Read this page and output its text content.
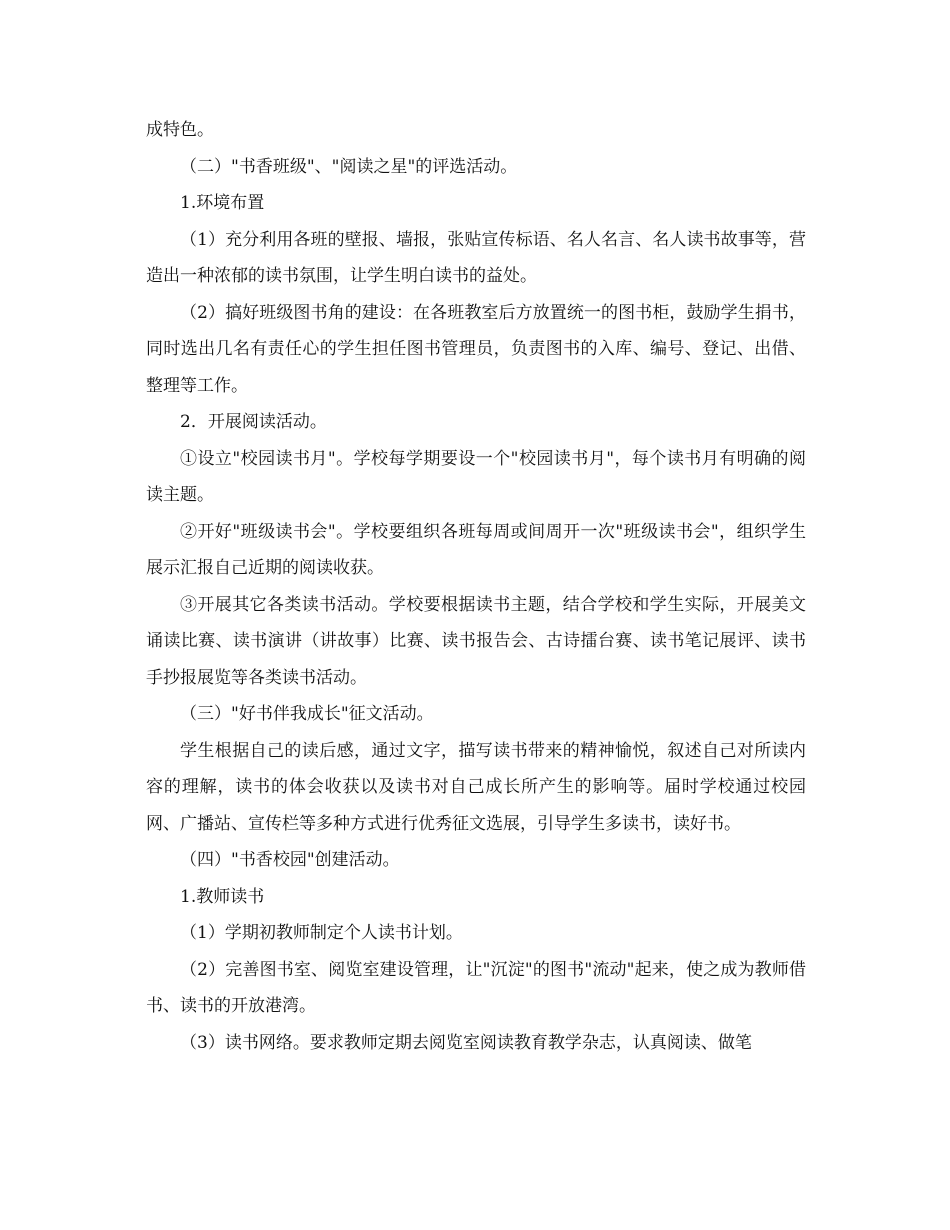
成特色。

（二）"书香班级"、"阅读之星"的评选活动。

1.环境布置

（1）充分利用各班的壁报、墙报，张贴宣传标语、名人名言、名人读书故事等，营造出一种浓郁的读书氛围，让学生明白读书的益处。

（2）搞好班级图书角的建设：在各班教室后方放置统一的图书柜，鼓励学生捐书，同时选出几名有责任心的学生担任图书管理员，负责图书的入库、编号、登记、出借、整理等工作。

2．开展阅读活动。

①设立"校园读书月"。学校每学期要设一个"校园读书月"，每个读书月有明确的阅读主题。

②开好"班级读书会"。学校要组织各班每周或间周开一次"班级读书会"，组织学生展示汇报自己近期的阅读收获。

③开展其它各类读书活动。学校要根据读书主题，结合学校和学生实际，开展美文诵读比赛、读书演讲（讲故事）比赛、读书报告会、古诗擂台赛、读书笔记展评、读书手抄报展览等各类读书活动。

（三）"好书伴我成长"征文活动。

学生根据自己的读后感，通过文字，描写读书带来的精神愉悦，叙述自己对所读内容的理解，读书的体会收获以及读书对自己成长所产生的影响等。届时学校通过校园网、广播站、宣传栏等多种方式进行优秀征文选展，引导学生多读书，读好书。

（四）"书香校园"创建活动。

1.教师读书

（1）学期初教师制定个人读书计划。

（2）完善图书室、阅览室建设管理，让"沉淀"的图书"流动"起来，使之成为教师借书、读书的开放港湾。

（3）读书网络。要求教师定期去阅览室阅读教育教学杂志，认真阅读、做笔
